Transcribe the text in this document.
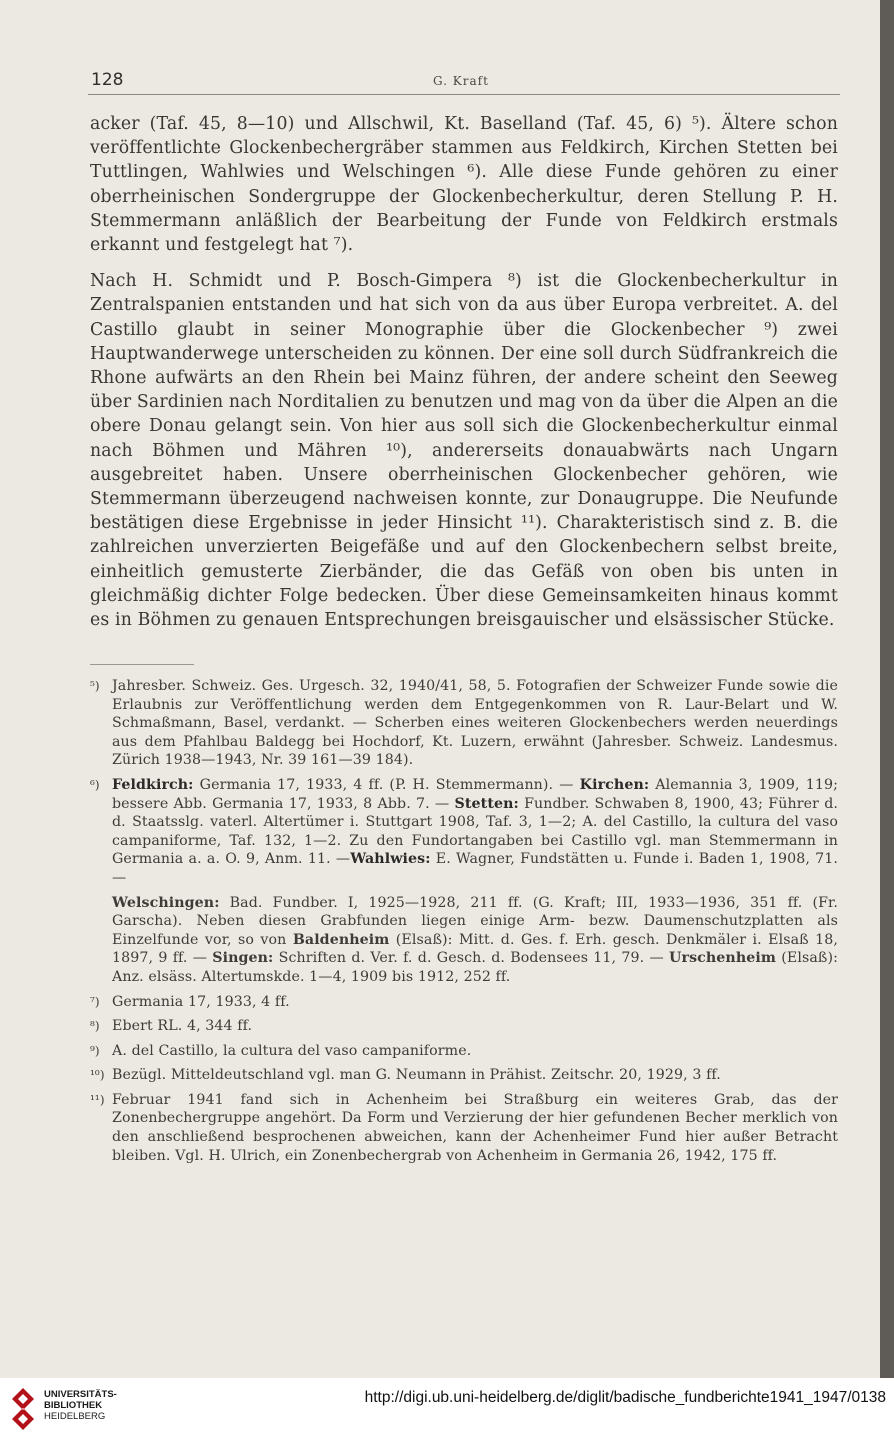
128	G. Kraft

acker (Taf. 45, 8—10) und Allschwil, Kt. Baselland (Taf. 45, 6) ⁵). Ältere schon veröffentlichte Glockenbechergräber stammen aus Feldkirch, Kirchen Stetten bei Tuttlingen, Wahlwies und Welschingen ⁶). Alle diese Funde gehören zu einer oberrheinischen Sondergruppe der Glockenbecherkultur, deren Stellung P. H. Stemmermann anläßlich der Bearbeitung der Funde von Feldkirch erstmals erkannt und festgelegt hat ⁷).

Nach H. Schmidt und P. Bosch-Gimpera ⁸) ist die Glockenbecherkultur in Zentralspanien entstanden und hat sich von da aus über Europa verbreitet. A. del Castillo glaubt in seiner Monographie über die Glockenbecher ⁹) zwei Hauptwanderwege unterscheiden zu können. Der eine soll durch Südfrankreich die Rhone aufwärts an den Rhein bei Mainz führen, der andere scheint den Seeweg über Sardinien nach Norditalien zu benutzen und mag von da über die Alpen an die obere Donau gelangt sein. Von hier aus soll sich die Glockenbecherkultur einmal nach Böhmen und Mähren ¹⁰), andererseits donauabwärts nach Ungarn ausgebreitet haben. Unsere oberrheinischen Glockenbecher gehören, wie Stemmermann überzeugend nachweisen konnte, zur Donaugruppe. Die Neufunde bestätigen diese Ergebnisse in jeder Hinsicht ¹¹). Charakteristisch sind z. B. die zahlreichen unverzierten Beigefäße und auf den Glockenbechern selbst breite, einheitlich gemusterte Zierbänder, die das Gefäß von oben bis unten in gleichmäßig dichter Folge bedecken. Über diese Gemeinsamkeiten hinaus kommt es in Böhmen zu genauen Entsprechungen breisgauischer und elsässischer Stücke.

⁵) Jahresber. Schweiz. Ges. Urgesch. 32, 1940/41, 58, 5. Fotografien der Schweizer Funde sowie die Erlaubnis zur Veröffentlichung werden dem Entgegenkommen von R. Laur-Belart und W. Schmaßmann, Basel, verdankt. — Scherben eines weiteren Glockenbechers werden neuerdings aus dem Pfahlbau Baldegg bei Hochdorf, Kt. Luzern, erwähnt (Jahresber. Schweiz. Landesmus. Zürich 1938—1943, Nr. 39 161—39 184).
⁶) Feldkirch: Germania 17, 1933, 4 ff. (P. H. Stemmermann). — Kirchen: Alemannia 3, 1909, 119; bessere Abb. Germania 17, 1933, 8 Abb. 7. — Stetten: Fundber. Schwaben 8, 1900, 43; Führer d. d. Staatsslg. vaterl. Altertümer i. Stuttgart 1908, Taf. 3, 1—2; A. del Castillo, la cultura del vaso campaniforme, Taf. 132, 1—2. Zu den Fundortangaben bei Castillo vgl. man Stemmermann in Germania a. a. O. 9, Anm. 11. —Wahlwies: E. Wagner, Fundstätten u. Funde i. Baden 1, 1908, 71. —
Welschingen: Bad. Fundber. I, 1925—1928, 211 ff. (G. Kraft; III, 1933—1936, 351 ff. (Fr. Garscha). Neben diesen Grabfunden liegen einige Arm- bezw. Daumenschutzplatten als Einzelfunde vor, so von Baldenheim (Elsaß): Mitt. d. Ges. f. Erh. gesch. Denkmäler i. Elsaß 18, 1897, 9 ff. — Singen: Schriften d. Ver. f. d. Gesch. d. Bodensees 11, 79. — Urschenheim (Elsaß): Anz. elsäss. Altertumskde. 1—4, 1909 bis 1912, 252 ff.
⁷) Germania 17, 1933, 4 ff.
⁸) Ebert RL. 4, 344 ff.
⁹) A. del Castillo, la cultura del vaso campaniforme.
¹⁰) Bezügl. Mitteldeutschland vgl. man G. Neumann in Prähist. Zeitschr. 20, 1929, 3 ff.
¹¹) Februar 1941 fand sich in Achenheim bei Straßburg ein weiteres Grab, das der Zonenbechergruppe angehört. Da Form und Verzierung der hier gefundenen Becher merklich von den anschließend besprochenen abweichen, kann der Achenheimer Fund hier außer Betracht bleiben. Vgl. H. Ulrich, ein Zonenbechergrab von Achenheim in Germania 26, 1942, 175 ff.
UNIVERSITÄTS-
BIBLIOTHEK
HEIDELBERG
http://digi.ub.uni-heidelberg.de/diglit/badische_fundberichte1941_1947/0138
